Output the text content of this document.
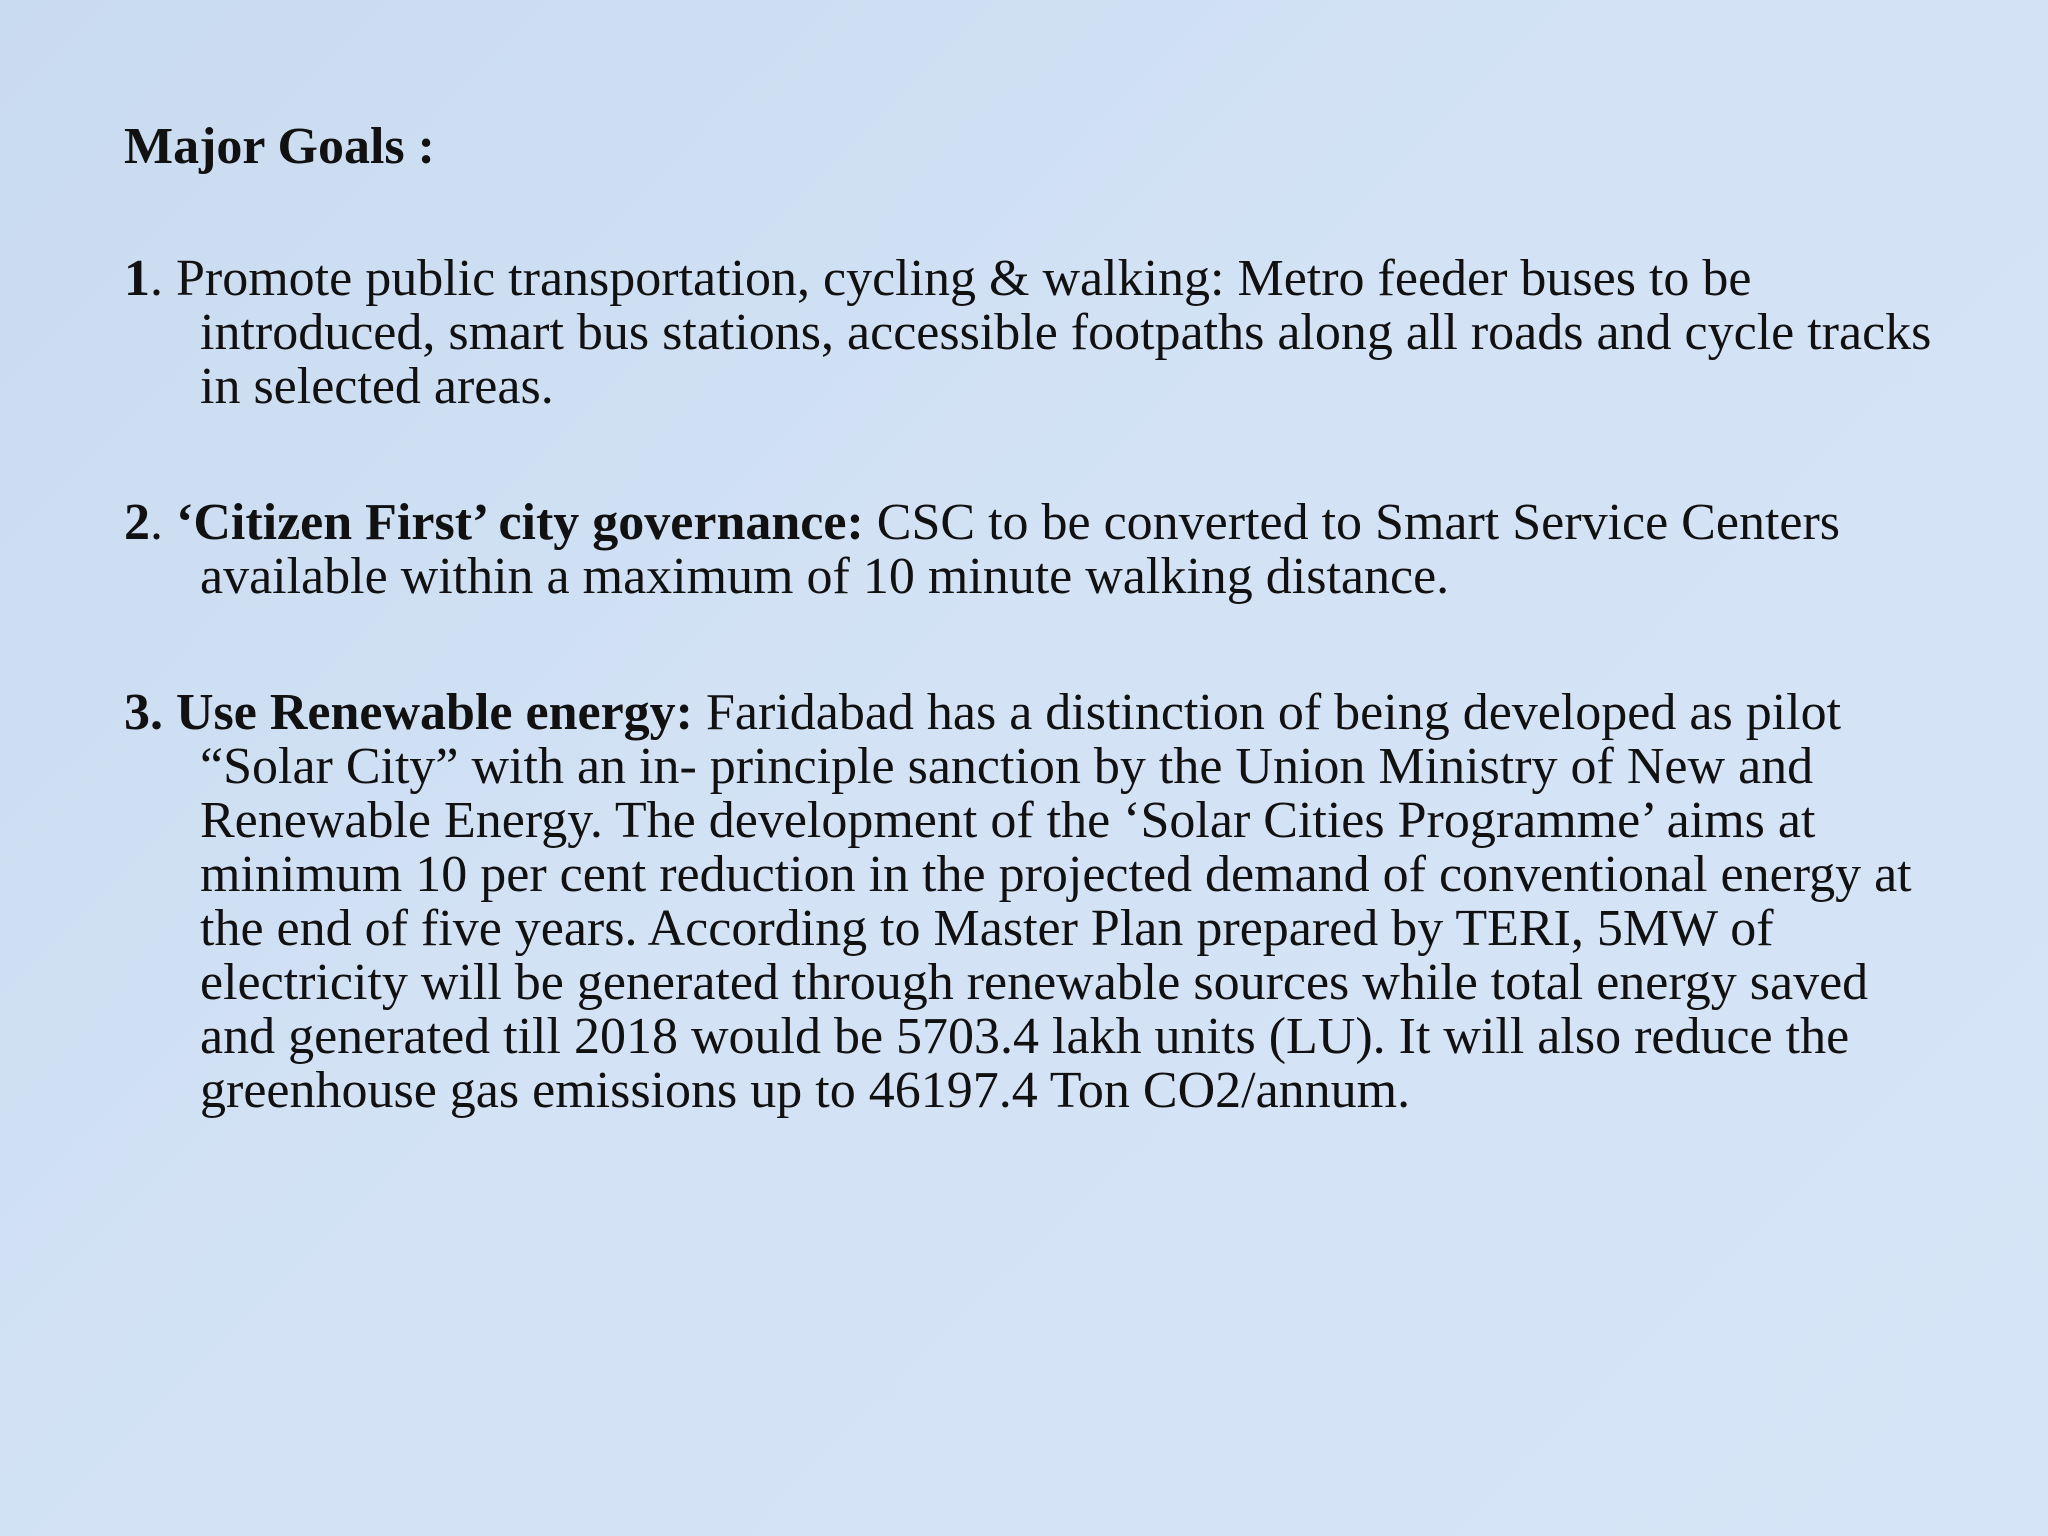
Major Goals :

1. Promote public transportation, cycling & walking: Metro feeder buses to be introduced, smart bus stations, accessible footpaths along all roads and cycle tracks in selected areas.

2. ‘Citizen First’ city governance: CSC to be converted to Smart Service Centers available within a maximum of 10 minute walking distance.

3. Use Renewable energy: Faridabad has a distinction of being developed as pilot “Solar City” with an in- principle sanction by the Union Ministry of New and Renewable Energy. The development of the ‘Solar Cities Programme’ aims at minimum 10 per cent reduction in the projected demand of conventional energy at the end of five years. According to Master Plan prepared by TERI, 5MW of electricity will be generated through renewable sources while total energy saved and generated till 2018 would be 5703.4 lakh units (LU). It will also reduce the greenhouse gas emissions up to 46197.4 Ton CO2/annum.
